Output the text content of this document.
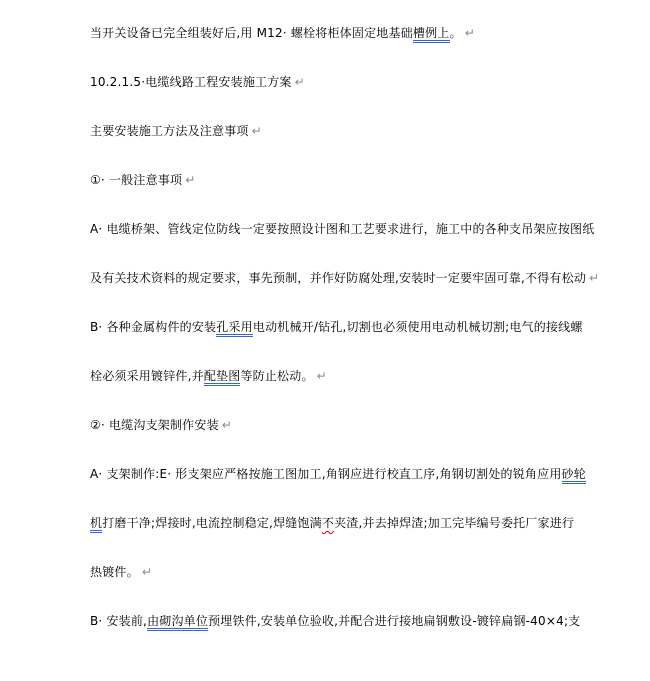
当开关设备已完全组装好后,用 M12· 螺栓将柜体固定地基础槽例上。 ↵
10.2.1.5·电缆线路工程安装施工方案 ↵
主要安装施工方法及注意事项 ↵
①· 一般注意事项 ↵
A· 电缆桥架、管线定位防线一定要按照设计图和工艺要求进行，施工中的各种支吊架应按图纸
及有关技术资料的规定要求，事先预制，并作好防腐处理,安装时一定要牢固可靠,不得有松动 ↵
B· 各种金属构件的安装孔采用电动机械开/钻孔,切割也必须使用电动机械切割;电气的接线螺
栓必须采用镀锌件,并配垫图等防止松动。 ↵
②· 电缆沟支架制作安装 ↵
A· 支架制作:E· 形支架应严格按施工图加工,角钢应进行校直工序,角钢切割处的锐角应用砂轮
机打磨干净;焊接时,电流控制稳定,焊缝饱满不夹渣,并去掉焊渣;加工完毕编号委托厂家进行
热镀件。 ↵
B· 安装前,由砌沟单位预埋铁件,安装单位验收,并配合进行接地扁钢敷设-镀锌扁钢-40×4;支
